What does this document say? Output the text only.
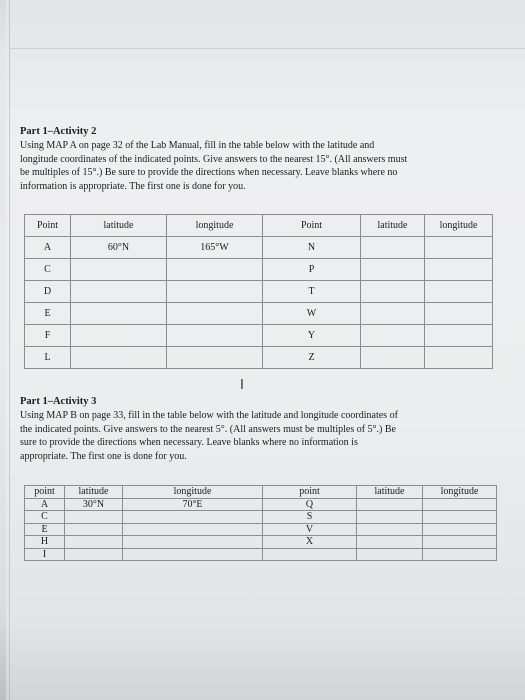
Part 1–Activity 2
Using MAP A on page 32 of the Lab Manual, fill in the table below with the latitude and
longitude coordinates of the indicated points. Give answers to the nearest 15°. (All answers must
be multiples of 15°.) Be sure to provide the directions when necessary. Leave blanks where no
information is appropriate. The first one is done for you.
Point	latitude	longitude	Point	latitude	longitude
A	60°N	165°W	N		
C			P		
D			T		
E			W		
F			Y		
L			Z		
I
Part 1–Activity 3
Using MAP B on page 33, fill in the table below with the latitude and longitude coordinates of
the indicated points. Give answers to the nearest 5°. (All answers must be multiples of 5°.) Be
sure to provide the directions when necessary. Leave blanks where no information is
appropriate. The first one is done for you.
point	latitude	longitude	point	latitude	longitude
A	30°N	70°E	Q		
C			S		
E			V		
H			X		
I					
